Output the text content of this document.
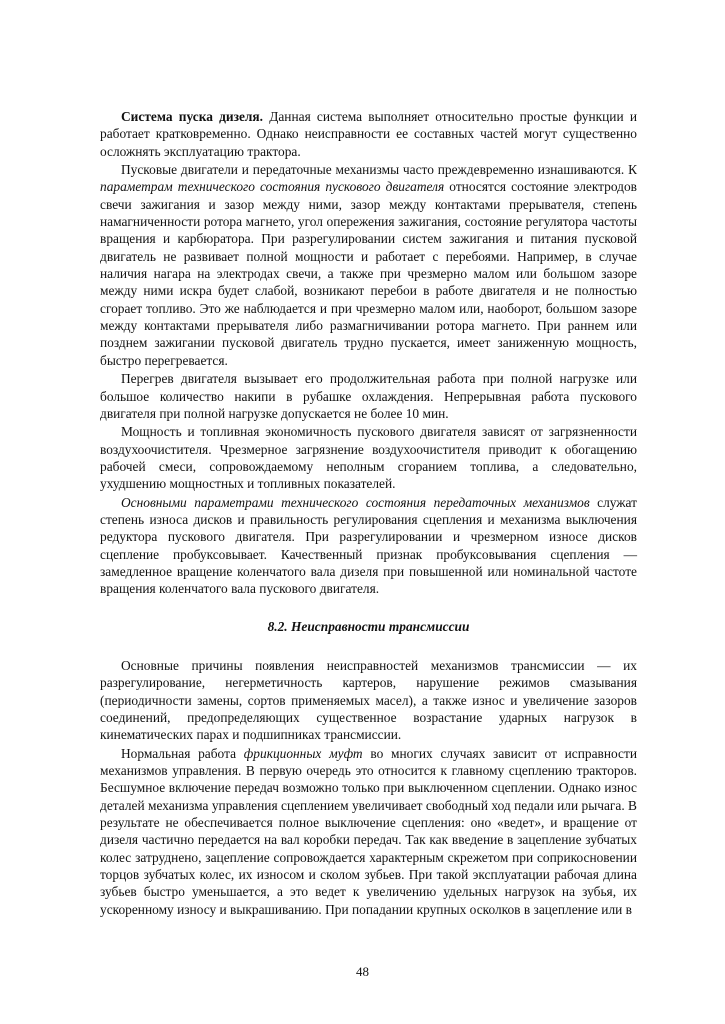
Система пуска дизеля. Данная система выполняет относительно простые функции и работает кратковременно. Однако неисправности ее составных частей могут существенно осложнять эксплуатацию трактора.

Пусковые двигатели и передаточные механизмы часто преждевременно изнашиваются. К параметрам технического состояния пускового двигателя относятся состояние электродов свечи зажигания и зазор между ними, зазор между контактами прерывателя, степень намагниченности ротора магнето, угол опережения зажигания, состояние регулятора частоты вращения и карбюратора. При разрегулировании систем зажигания и питания пусковой двигатель не развивает полной мощности и работает с перебоями. Например, в случае наличия нагара на электродах свечи, а также при чрезмерно малом или большом зазоре между ними искра будет слабой, возникают перебои в работе двигателя и не полностью сгорает топливо. Это же наблюдается и при чрезмерно малом или, наоборот, большом зазоре между контактами прерывателя либо размагничивании ротора магнето. При раннем или позднем зажигании пусковой двигатель трудно пускается, имеет заниженную мощность, быстро перегревается.

Перегрев двигателя вызывает его продолжительная работа при полной нагрузке или большое количество накипи в рубашке охлаждения. Непрерывная работа пускового двигателя при полной нагрузке допускается не более 10 мин.

Мощность и топливная экономичность пускового двигателя зависят от загрязненности воздухоочистителя. Чрезмерное загрязнение воздухоочистителя приводит к обогащению рабочей смеси, сопровождаемому неполным сгоранием топлива, а следовательно, ухудшению мощностных и топливных показателей.

Основными параметрами технического состояния передаточных механизмов служат степень износа дисков и правильность регулирования сцепления и механизма выключения редуктора пускового двигателя. При разрегулировании и чрезмерном износе дисков сцепление пробуксовывает. Качественный признак пробуксовывания сцепления — замедленное вращение коленчатого вала дизеля при повышенной или номинальной частоте вращения коленчатого вала пускового двигателя.

8.2. Неисправности трансмиссии

Основные причины появления неисправностей механизмов трансмиссии — их разрегулирование, негерметичность картеров, нарушение режимов смазывания (периодичности замены, сортов применяемых масел), а также износ и увеличение зазоров соединений, предопределяющих существенное возрастание ударных нагрузок в кинематических парах и подшипниках трансмиссии.

Нормальная работа фрикционных муфт во многих случаях зависит от исправности механизмов управления. В первую очередь это относится к главному сцеплению тракторов. Бесшумное включение передач возможно только при выключенном сцеплении. Однако износ деталей механизма управления сцеплением увеличивает свободный ход педали или рычага. В результате не обеспечивается полное выключение сцепления: оно «ведет», и вращение от дизеля частично передается на вал коробки передач. Так как введение в зацепление зубчатых колес затруднено, зацепление сопровождается характерным скрежетом при соприкосновении торцов зубчатых колес, их износом и сколом зубьев. При такой эксплуатации рабочая длина зубьев быстро уменьшается, а это ведет к увеличению удельных нагрузок на зубья, их ускоренному износу и выкрашиванию. При попадании крупных осколков в зацепление или в

48
